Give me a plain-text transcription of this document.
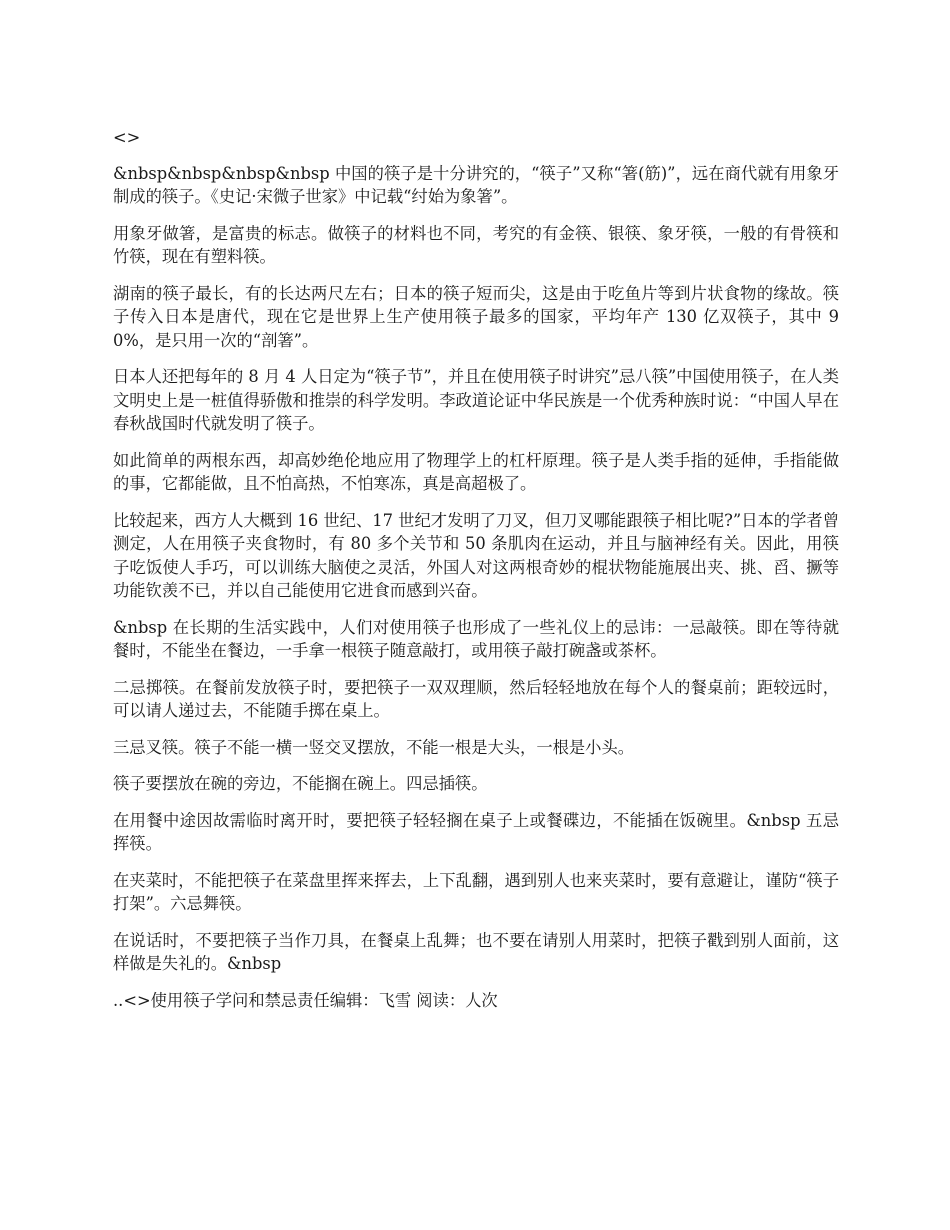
<>

&nbsp&nbsp&nbsp&nbsp 中国的筷子是十分讲究的，“筷子”又称“箸(筋)”，远在商代就有用象牙制成的筷子。《史记·宋微子世家》中记载“纣始为象箸”。

用象牙做箸，是富贵的标志。做筷子的材料也不同，考究的有金筷、银筷、象牙筷，一般的有骨筷和竹筷，现在有塑料筷。

湖南的筷子最长，有的长达两尺左右；日本的筷子短而尖，这是由于吃鱼片等到片状食物的缘故。筷子传入日本是唐代，现在它是世界上生产使用筷子最多的国家，平均年产 130 亿双筷子，其中 90%，是只用一次的“剖箸”。

日本人还把每年的 8 月 4 人日定为“筷子节”，并且在使用筷子时讲究”忌八筷”中国使用筷子，在人类文明史上是一桩值得骄傲和推崇的科学发明。李政道论证中华民族是一个优秀种族时说：“中国人早在春秋战国时代就发明了筷子。

如此简单的两根东西，却高妙绝伦地应用了物理学上的杠杆原理。筷子是人类手指的延伸，手指能做的事，它都能做，且不怕高热，不怕寒冻，真是高超极了。

比较起来，西方人大概到 16 世纪、17 世纪才发明了刀叉，但刀叉哪能跟筷子相比呢?”日本的学者曾测定，人在用筷子夹食物时，有 80 多个关节和 50 条肌肉在运动，并且与脑神经有关。因此，用筷子吃饭使人手巧，可以训练大脑使之灵活，外国人对这两根奇妙的棍状物能施展出夹、挑、舀、撅等功能钦羡不已，并以自己能使用它进食而感到兴奋。

&nbsp 在长期的生活实践中，人们对使用筷子也形成了一些礼仪上的忌讳：一忌敲筷。即在等待就餐时，不能坐在餐边，一手拿一根筷子随意敲打，或用筷子敲打碗盏或茶杯。

二忌掷筷。在餐前发放筷子时，要把筷子一双双理顺，然后轻轻地放在每个人的餐桌前；距较远时，可以请人递过去，不能随手掷在桌上。

三忌叉筷。筷子不能一横一竖交叉摆放，不能一根是大头，一根是小头。

筷子要摆放在碗的旁边，不能搁在碗上。四忌插筷。

在用餐中途因故需临时离开时，要把筷子轻轻搁在桌子上或餐碟边，不能插在饭碗里。&nbsp 五忌挥筷。

在夹菜时，不能把筷子在菜盘里挥来挥去，上下乱翻，遇到别人也来夹菜时，要有意避让，谨防“筷子打架”。六忌舞筷。

在说话时，不要把筷子当作刀具，在餐桌上乱舞；也不要在请别人用菜时，把筷子戳到别人面前，这样做是失礼的。&nbsp

..<>使用筷子学问和禁忌责任编辑：飞雪 阅读：人次
